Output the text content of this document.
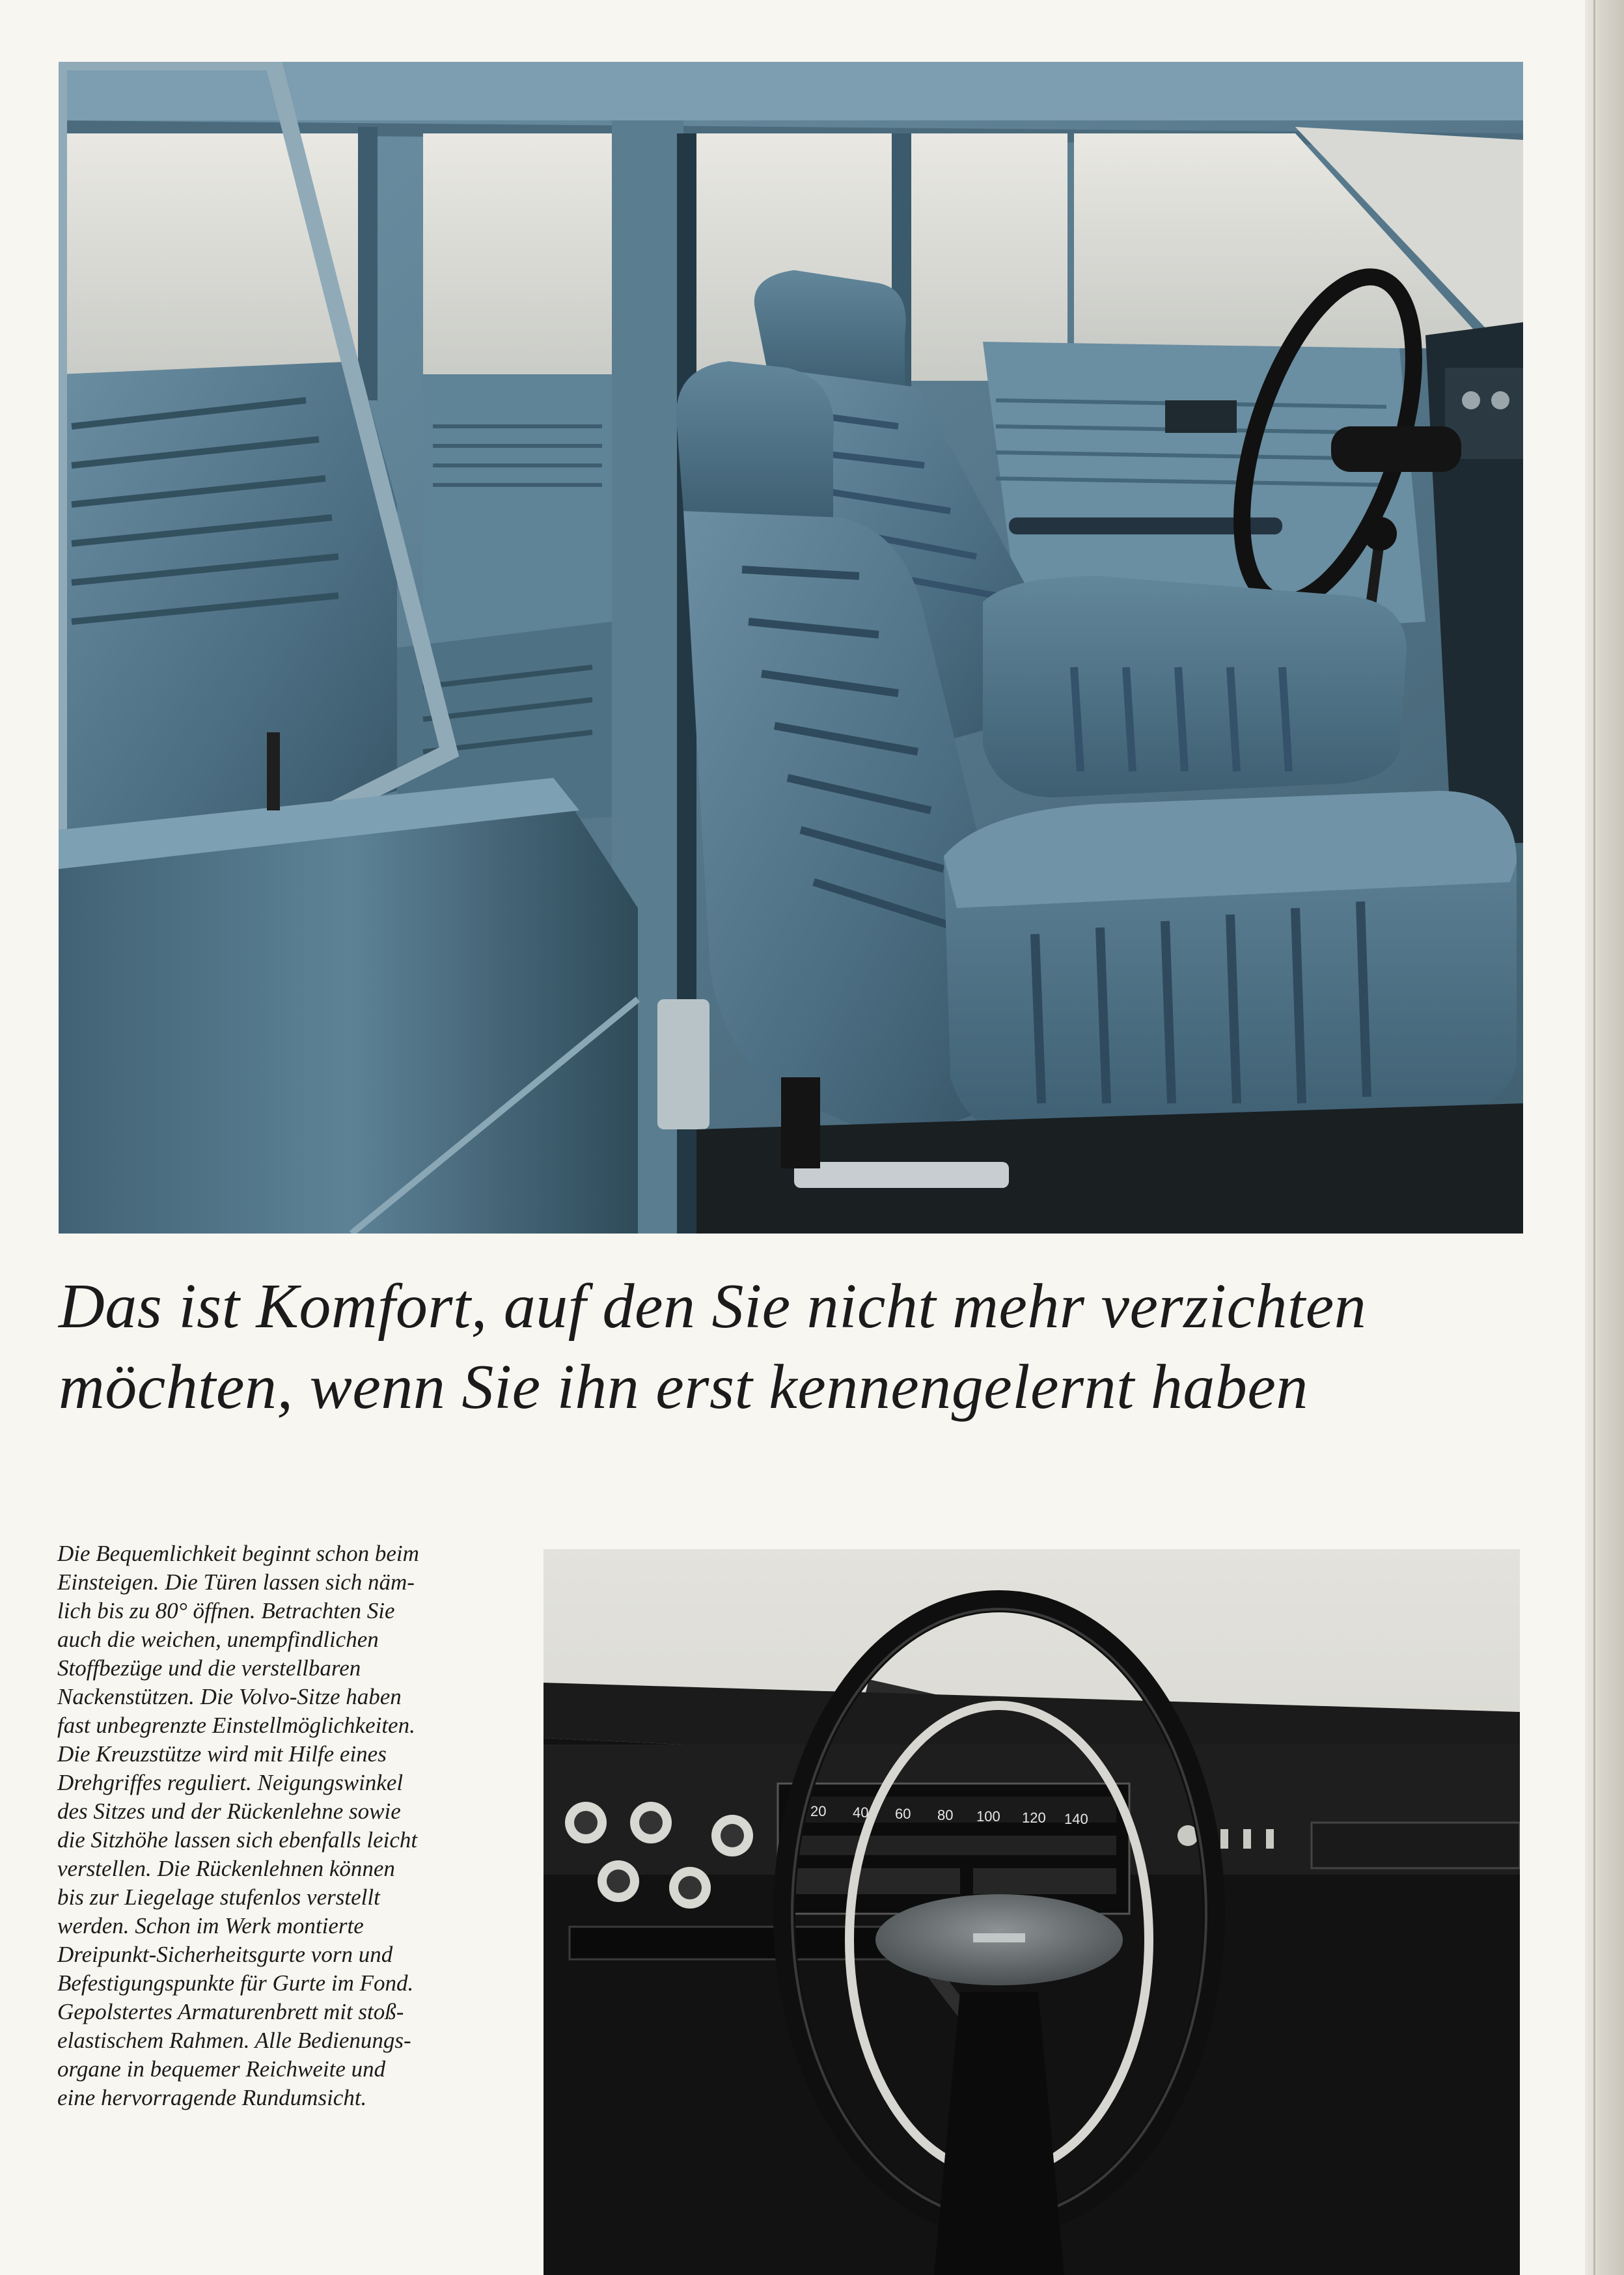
Das ist Komfort, auf den Sie nicht mehr verzichten
möchten, wenn Sie ihn erst kennengelernt haben
Die Bequemlichkeit beginnt schon beim
Einsteigen. Die Türen lassen sich näm-
lich bis zu 80° öffnen. Betrachten Sie
auch die weichen, unempfindlichen
Stoffbezüge und die verstellbaren
Nackenstützen. Die Volvo-Sitze haben
fast unbegrenzte Einstellmöglichkeiten.
Die Kreuzstütze wird mit Hilfe eines
Drehgriffes reguliert. Neigungswinkel
des Sitzes und der Rückenlehne sowie
die Sitzhöhe lassen sich ebenfalls leicht
verstellen. Die Rückenlehnen können
bis zur Liegelage stufenlos verstellt
werden. Schon im Werk montierte
Dreipunkt-Sicherheitsgurte vorn und
Befestigungspunkte für Gurte im Fond.
Gepolstertes Armaturenbrett mit stoß-
elastischem Rahmen. Alle Bedienungs-
organe in bequemer Reichweite und
eine hervorragende Rundumsicht.
20 40 60 80 100 120 140
